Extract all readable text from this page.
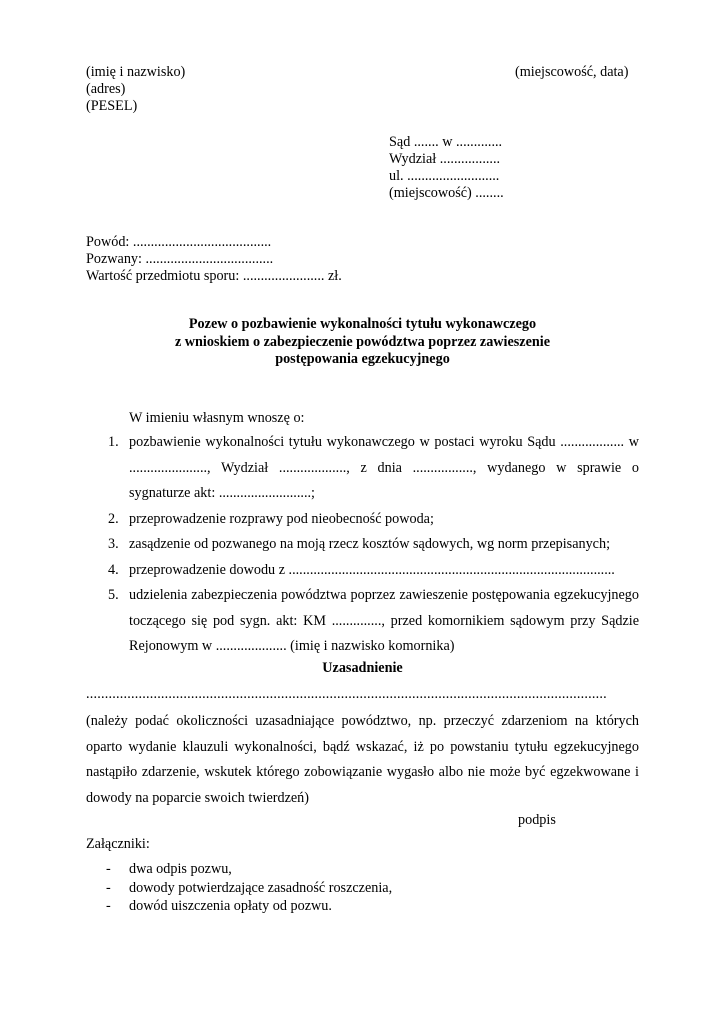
(imię i nazwisko)
(adres)
(PESEL)
(miejscowość, data)
Sąd ....... w .............
Wydział .................
ul. ..........................
(miejscowość) ........
Powód: .......................................
Pozwany: ....................................
Wartość przedmiotu sporu: ....................... zł.
Pozew o pozbawienie wykonalności tytułu wykonawczego
z wnioskiem o zabezpieczenie powództwa poprzez zawieszenie
postępowania egzekucyjnego
W imieniu własnym wnoszę o:
1. pozbawienie wykonalności tytułu wykonawczego w postaci wyroku Sądu .................. w ......................, Wydział ..................., z dnia ................., wydanego w sprawie o sygnaturze akt: ..........................;
2. przeprowadzenie rozprawy pod nieobecność powoda;
3. zasądzenie od pozwanego na moją rzecz kosztów sądowych, wg norm przepisanych;
4. przeprowadzenie dowodu z ............................................................................................
5. udzielenia zabezpieczenia powództwa poprzez zawieszenie postępowania egzekucyjnego toczącego się pod sygn. akt: KM .............., przed komornikiem sądowym przy Sądzie Rejonowym w .................... (imię i nazwisko komornika)
Uzasadnienie
...........................................................................................................................................
(należy podać okoliczności uzasadniające powództwo, np. przeczyć zdarzeniom na których oparto wydanie klauzuli wykonalności, bądź wskazać, iż po powstaniu tytułu egzekucyjnego nastąpiło zdarzenie, wskutek którego zobowiązanie wygasło albo nie może być egzekwowane i dowody na poparcie swoich twierdzeń)
podpis
Załączniki:
-	dwa odpis pozwu,
-	dowody potwierdzające zasadność roszczenia,
-	dowód uiszczenia opłaty od pozwu.
